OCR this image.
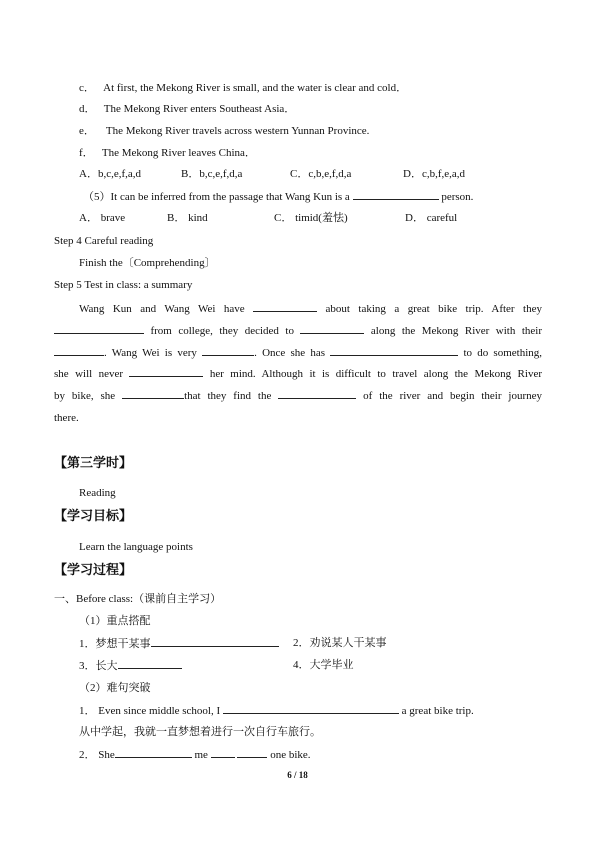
c． At first, the Mekong River is small, and the water is clear and cold．
d． The Mekong River enters Southeast Asia．
e． The Mekong River travels across western Yunnan Province.
f． The Mekong River leaves China．
A．b,c,e,f,a,d	B．b,c,e,f,d,a	C．c,b,e,f,d,a	D．c,b,f,e,a,d
（5）It can be inferred from the passage that Wang Kun is a	person.
A． brave	B． kind	C． timid(羞怯)	D． careful
Step 4 Careful reading
Finish the〔Comprehending〕
Step 5 Test in class: a summary
Wang Kun and Wang Wei have	about taking a great bike trip. After they
from college, they decided to	along the Mekong River with their
. Wang Wei is very	. Once she has	to do something,
she will never	her mind. Although it is difficult to travel along the Mekong River
by bike, she	that they find the	of the river and begin their journey
there.
【第三学时】
Reading
【学习目标】
Learn the language points
【学习过程】
一、Before class:（课前自主学习）
（1）重点搭配
1．梦想干某事	2．劝说某人干某事
3．长大	4．大学毕业
（2）难句突破
1． Even since middle school, I	a great bike trip.
从中学起，我就一直梦想着进行一次自行车旅行。
2． She	me	one bike.
6 / 18
